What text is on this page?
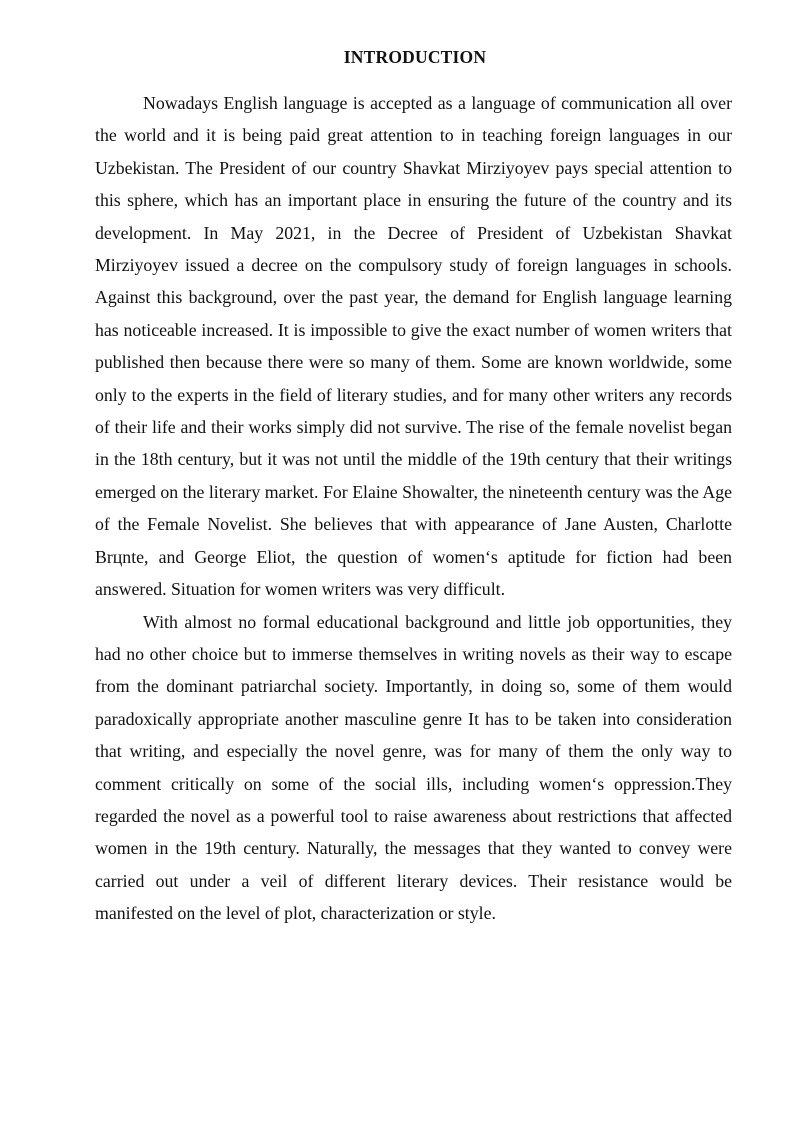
INTRODUCTION

Nowadays English language is accepted as a language of communication all over the world and it is being paid great attention to in teaching foreign languages in our Uzbekistan. The President of our country Shavkat Mirziyoyev pays special attention to this sphere, which has an important place in ensuring the future of the country and its development. In May 2021, in the Decree of President of Uzbekistan Shavkat Mirziyoyev issued a decree on the compulsory study of foreign languages in schools. Against this background, over the past year, the demand for English language learning has noticeable increased. It is impossible to give the exact number of women writers that published then because there were so many of them. Some are known worldwide, some only to the experts in the field of literary studies, and for many other writers any records of their life and their works simply did not survive. The rise of the female novelist began in the 18th century, but it was not until the middle of the 19th century that their writings emerged on the literary market. For Elaine Showalter, the nineteenth century was the Age of the Female Novelist. She believes that with appearance of Jane Austen, Charlotte Brцnte, and George Eliot, the question of women‘s aptitude for fiction had been answered. Situation for women writers was very difficult.

With almost no formal educational background and little job opportunities, they had no other choice but to immerse themselves in writing novels as their way to escape from the dominant patriarchal society. Importantly, in doing so, some of them would paradoxically appropriate another masculine genre It has to be taken into consideration that writing, and especially the novel genre, was for many of them the only way to comment critically on some of the social ills, including women‘s oppression.They regarded the novel as a powerful tool to raise awareness about restrictions that affected women in the 19th century. Naturally, the messages that they wanted to convey were carried out under a veil of different literary devices. Their resistance would be manifested on the level of plot, characterization or style.
